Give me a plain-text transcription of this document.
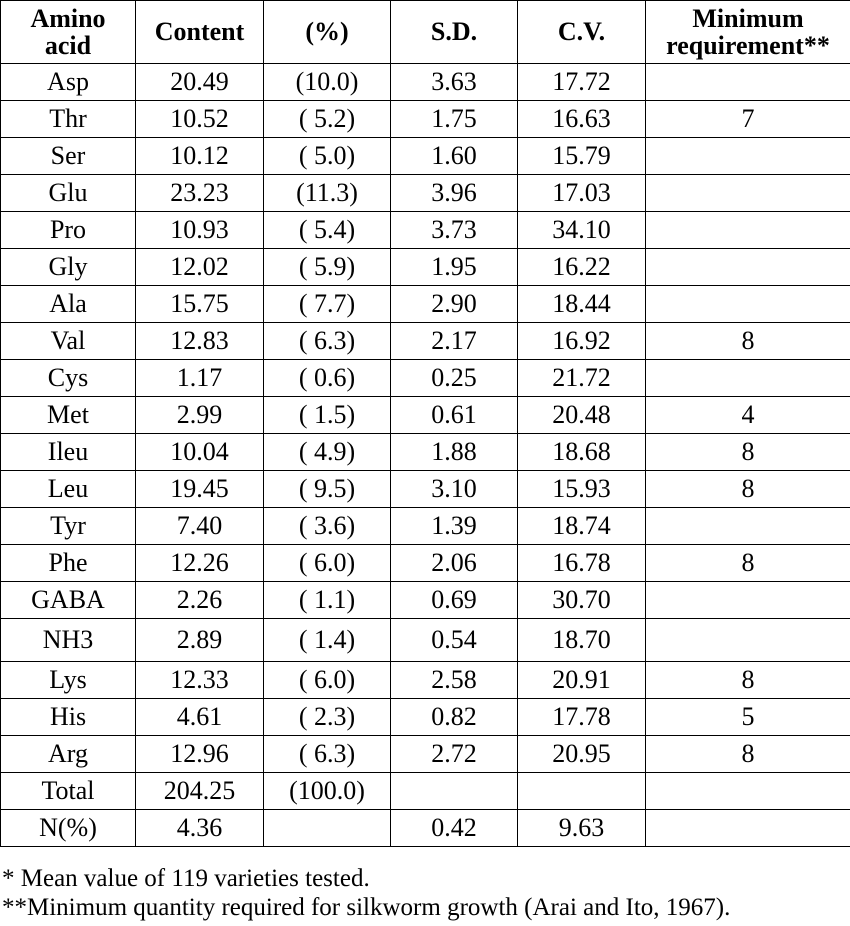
Amino
acid	Content	(%)	S.D.	C.V.	Minimum
requirement**
Asp	20.49	(10.0)	3.63	17.72	
Thr	10.52	( 5.2)	1.75	16.63	7
Ser	10.12	( 5.0)	1.60	15.79	
Glu	23.23	(11.3)	3.96	17.03	
Pro	10.93	( 5.4)	3.73	34.10	
Gly	12.02	( 5.9)	1.95	16.22	
Ala	15.75	( 7.7)	2.90	18.44	
Val	12.83	( 6.3)	2.17	16.92	8
Cys	1.17	( 0.6)	0.25	21.72	
Met	2.99	( 1.5)	0.61	20.48	4
Ileu	10.04	( 4.9)	1.88	18.68	8
Leu	19.45	( 9.5)	3.10	15.93	8
Tyr	7.40	( 3.6)	1.39	18.74	
Phe	12.26	( 6.0)	2.06	16.78	8
GABA	2.26	( 1.1)	0.69	30.70	
NH3	2.89	( 1.4)	0.54	18.70	
Lys	12.33	( 6.0)	2.58	20.91	8
His	4.61	( 2.3)	0.82	17.78	5
Arg	12.96	( 6.3)	2.72	20.95	8
Total	204.25	(100.0)			
N(%)	4.36		0.42	9.63	
* Mean value of 119 varieties tested.
**Minimum quantity required for silkworm growth (Arai and Ito, 1967).
